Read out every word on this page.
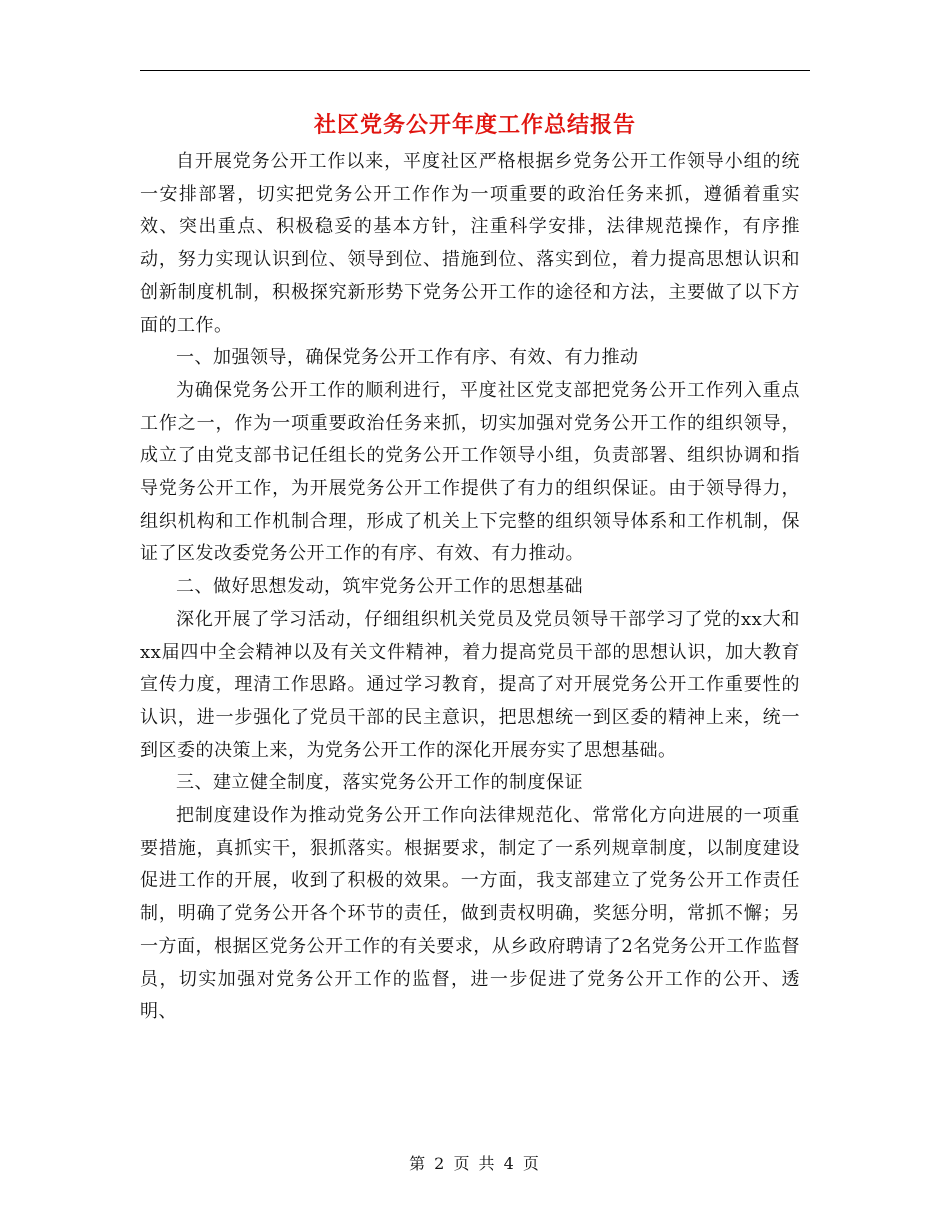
社区党务公开年度工作总结报告

自开展党务公开工作以来，平度社区严格根据乡党务公开工作领导小组的统一安排部署，切实把党务公开工作作为一项重要的政治任务来抓，遵循着重实效、突出重点、积极稳妥的基本方针，注重科学安排，法律规范操作，有序推动，努力实现认识到位、领导到位、措施到位、落实到位，着力提高思想认识和创新制度机制，积极探究新形势下党务公开工作的途径和方法，主要做了以下方面的工作。

一、加强领导，确保党务公开工作有序、有效、有力推动

为确保党务公开工作的顺利进行，平度社区党支部把党务公开工作列入重点工作之一，作为一项重要政治任务来抓，切实加强对党务公开工作的组织领导，成立了由党支部书记任组长的党务公开工作领导小组，负责部署、组织协调和指导党务公开工作，为开展党务公开工作提供了有力的组织保证。由于领导得力，组织机构和工作机制合理，形成了机关上下完整的组织领导体系和工作机制，保证了区发改委党务公开工作的有序、有效、有力推动。

二、做好思想发动，筑牢党务公开工作的思想基础

深化开展了学习活动，仔细组织机关党员及党员领导干部学习了党的xx大和xx届四中全会精神以及有关文件精神，着力提高党员干部的思想认识，加大教育宣传力度，理清工作思路。通过学习教育，提高了对开展党务公开工作重要性的认识，进一步强化了党员干部的民主意识，把思想统一到区委的精神上来，统一到区委的决策上来，为党务公开工作的深化开展夯实了思想基础。

三、建立健全制度，落实党务公开工作的制度保证

把制度建设作为推动党务公开工作向法律规范化、常常化方向进展的一项重要措施，真抓实干，狠抓落实。根据要求，制定了一系列规章制度，以制度建设促进工作的开展，收到了积极的效果。一方面，我支部建立了党务公开工作责任制，明确了党务公开各个环节的责任，做到责权明确，奖惩分明，常抓不懈；另一方面，根据区党务公开工作的有关要求，从乡政府聘请了2名党务公开工作监督员，切实加强对党务公开工作的监督，进一步促进了党务公开工作的公开、透明、

第 2 页 共 4 页
